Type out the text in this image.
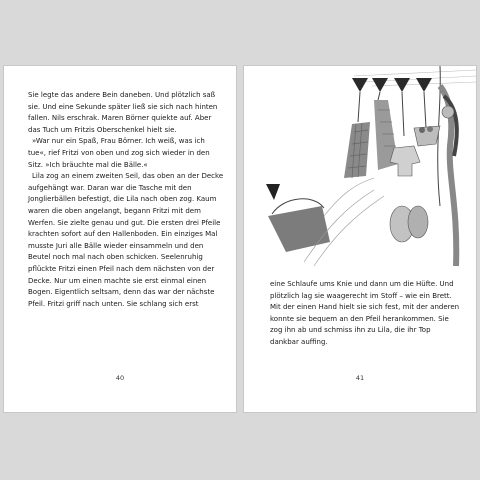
Sie legte das andere Bein daneben. Und plötzlich saß sie. Und eine Sekunde später ließ sie sich nach hinten fallen. Nils erschrak. Maren Börner quiekte auf. Aber das Tuch um Fritzis Oberschenkel hielt sie.

»War nur ein Spaß, Frau Börner. Ich weiß, was ich tue«, rief Fritzi von oben und zog sich wieder in den Sitz. »Ich bräuchte mal die Bälle.«

Lila zog an einem zweiten Seil, das oben an der Decke aufgehängt war. Daran war die Tasche mit den Jonglierbällen befestigt, die Lila nach oben zog. Kaum waren die oben angelangt, begann Fritzi mit dem Werfen. Sie zielte genau und gut. Die ersten drei Pfeile krachten sofort auf den Hallenboden. Ein einziges Mal musste Juri alle Bälle wieder einsammeln und den Beutel noch mal nach oben schicken. Seelenruhig pflückte Fritzi einen Pfeil nach dem nächsten von der Decke. Nur um einen machte sie erst einmal einen Bogen. Eigentlich seltsam, denn das war der nächste Pfeil. Fritzi griff nach unten. Sie schlang sich erst

40

eine Schlaufe ums Knie und dann um die Hüfte. Und plötzlich lag sie waagerecht im Stoff – wie ein Brett. Mit der einen Hand hielt sie sich fest, mit der anderen konnte sie bequem an den Pfeil herankommen. Sie zog ihn ab und schmiss ihn zu Lila, die ihr Top dankbar auffing.

41
